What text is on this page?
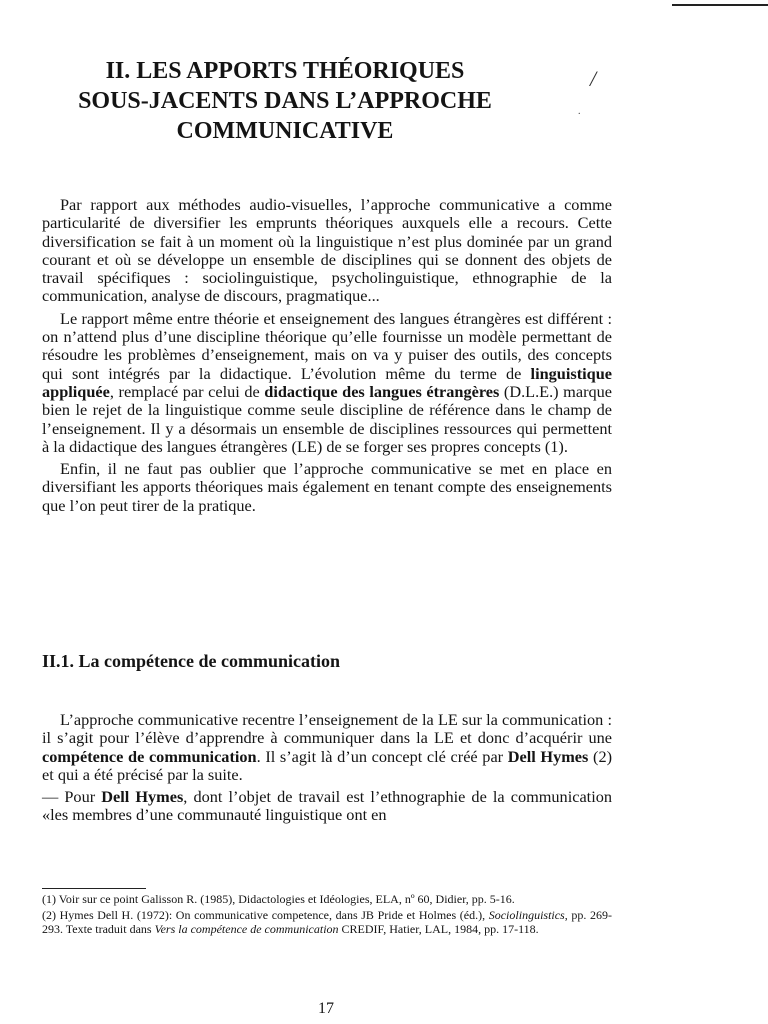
II. LES APPORTS THÉORIQUES
SOUS-JACENTS DANS L’APPROCHE
COMMUNICATIVE
/
.

Par rapport aux méthodes audio-visuelles, l’approche communicative a comme particularité de diversifier les emprunts théoriques auxquels elle a recours. Cette diversification se fait à un moment où la linguistique n’est plus dominée par un grand courant et où se développe un ensemble de disciplines qui se donnent des objets de travail spécifiques : sociolinguistique, psycholinguistique, ethnographie de la communication, analyse de discours, pragmatique...

Le rapport même entre théorie et enseignement des langues étrangères est différent : on n’attend plus d’une discipline théorique qu’elle fournisse un modèle permettant de résoudre les problèmes d’enseignement, mais on va y puiser des outils, des concepts qui sont intégrés par la didactique. L’évolution même du terme de linguistique appliquée, remplacé par celui de didactique des langues étrangères (D.L.E.) marque bien le rejet de la linguistique comme seule discipline de référence dans le champ de l’enseignement. Il y a désormais un ensemble de disciplines ressources qui permettent à la didactique des langues étrangères (LE) de se forger ses propres concepts (1).

Enfin, il ne faut pas oublier que l’approche communicative se met en place en diversifiant les apports théoriques mais également en tenant compte des enseignements que l’on peut tirer de la pratique.

II.1. La compétence de communication

L’approche communicative recentre l’enseignement de la LE sur la communication : il s’agit pour l’élève d’apprendre à communiquer dans la LE et donc d’acquérir une compétence de communication. Il s’agit là d’un concept clé créé par Dell Hymes (2) et qui a été précisé par la suite.

— Pour Dell Hymes, dont l’objet de travail est l’ethnographie de la communication «les membres d’une communauté linguistique ont en

(1) Voir sur ce point Galisson R. (1985), Didactologies et Idéologies, ELA, nº 60, Didier, pp. 5-16.

(2) Hymes Dell H. (1972): On communicative competence, dans JB Pride et Holmes (éd.), Sociolinguistics, pp. 269-293. Texte traduit dans Vers la compétence de communication CREDIF, Hatier, LAL, 1984, pp. 17-118.

17
